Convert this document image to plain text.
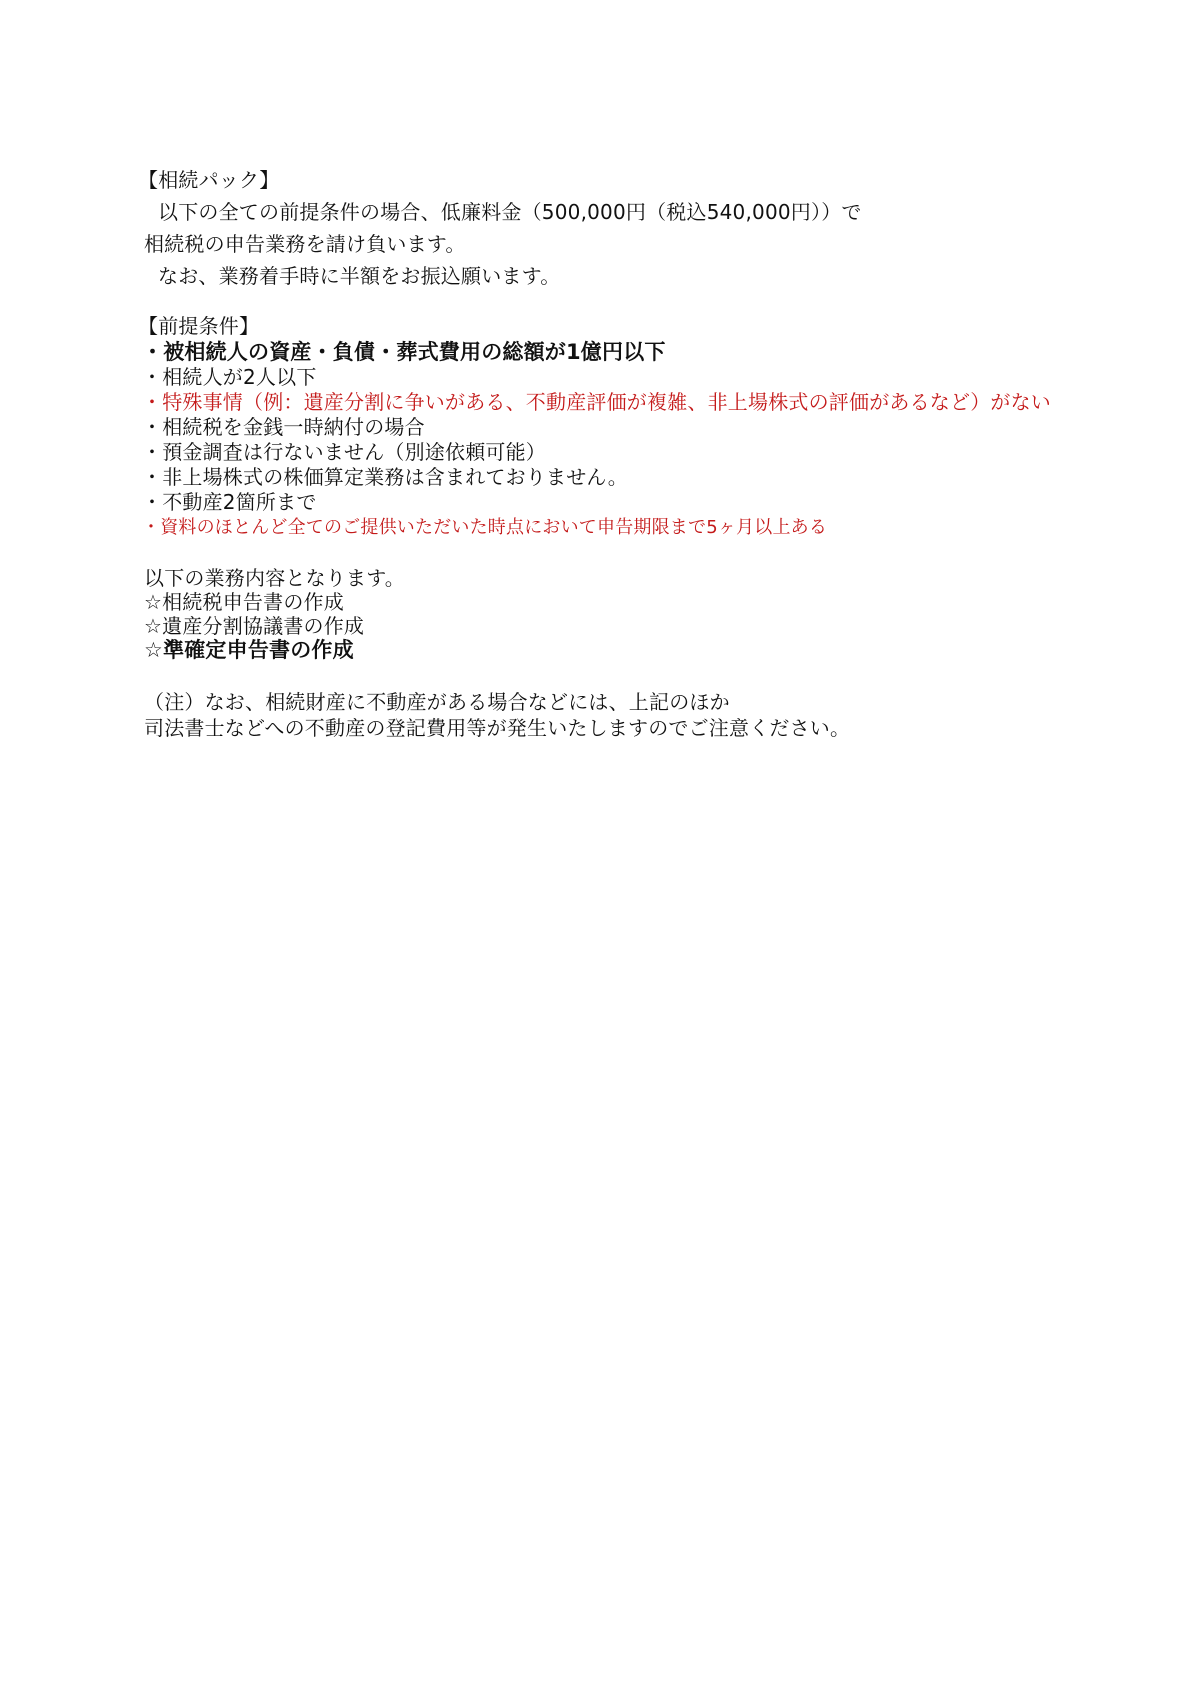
【相続パック】
以下の全ての前提条件の場合、低廉料金（500,000円（税込540,000円））で
相続税の申告業務を請け負います。
なお、業務着手時に半額をお振込願います。
【前提条件】
・被相続人の資産・負債・葬式費用の総額が1億円以下
・相続人が2人以下
・特殊事情（例：遺産分割に争いがある、不動産評価が複雑、非上場株式の評価があるなど）がない
・相続税を金銭一時納付の場合
・預金調査は行ないません（別途依頼可能）
・非上場株式の株価算定業務は含まれておりません。
・不動産2箇所まで
・資料のほとんど全てのご提供いただいた時点において申告期限まで5ヶ月以上ある
以下の業務内容となります。
☆相続税申告書の作成
☆遺産分割協議書の作成
☆準確定申告書の作成
（注）なお、相続財産に不動産がある場合などには、上記のほか
司法書士などへの不動産の登記費用等が発生いたしますのでご注意ください。
